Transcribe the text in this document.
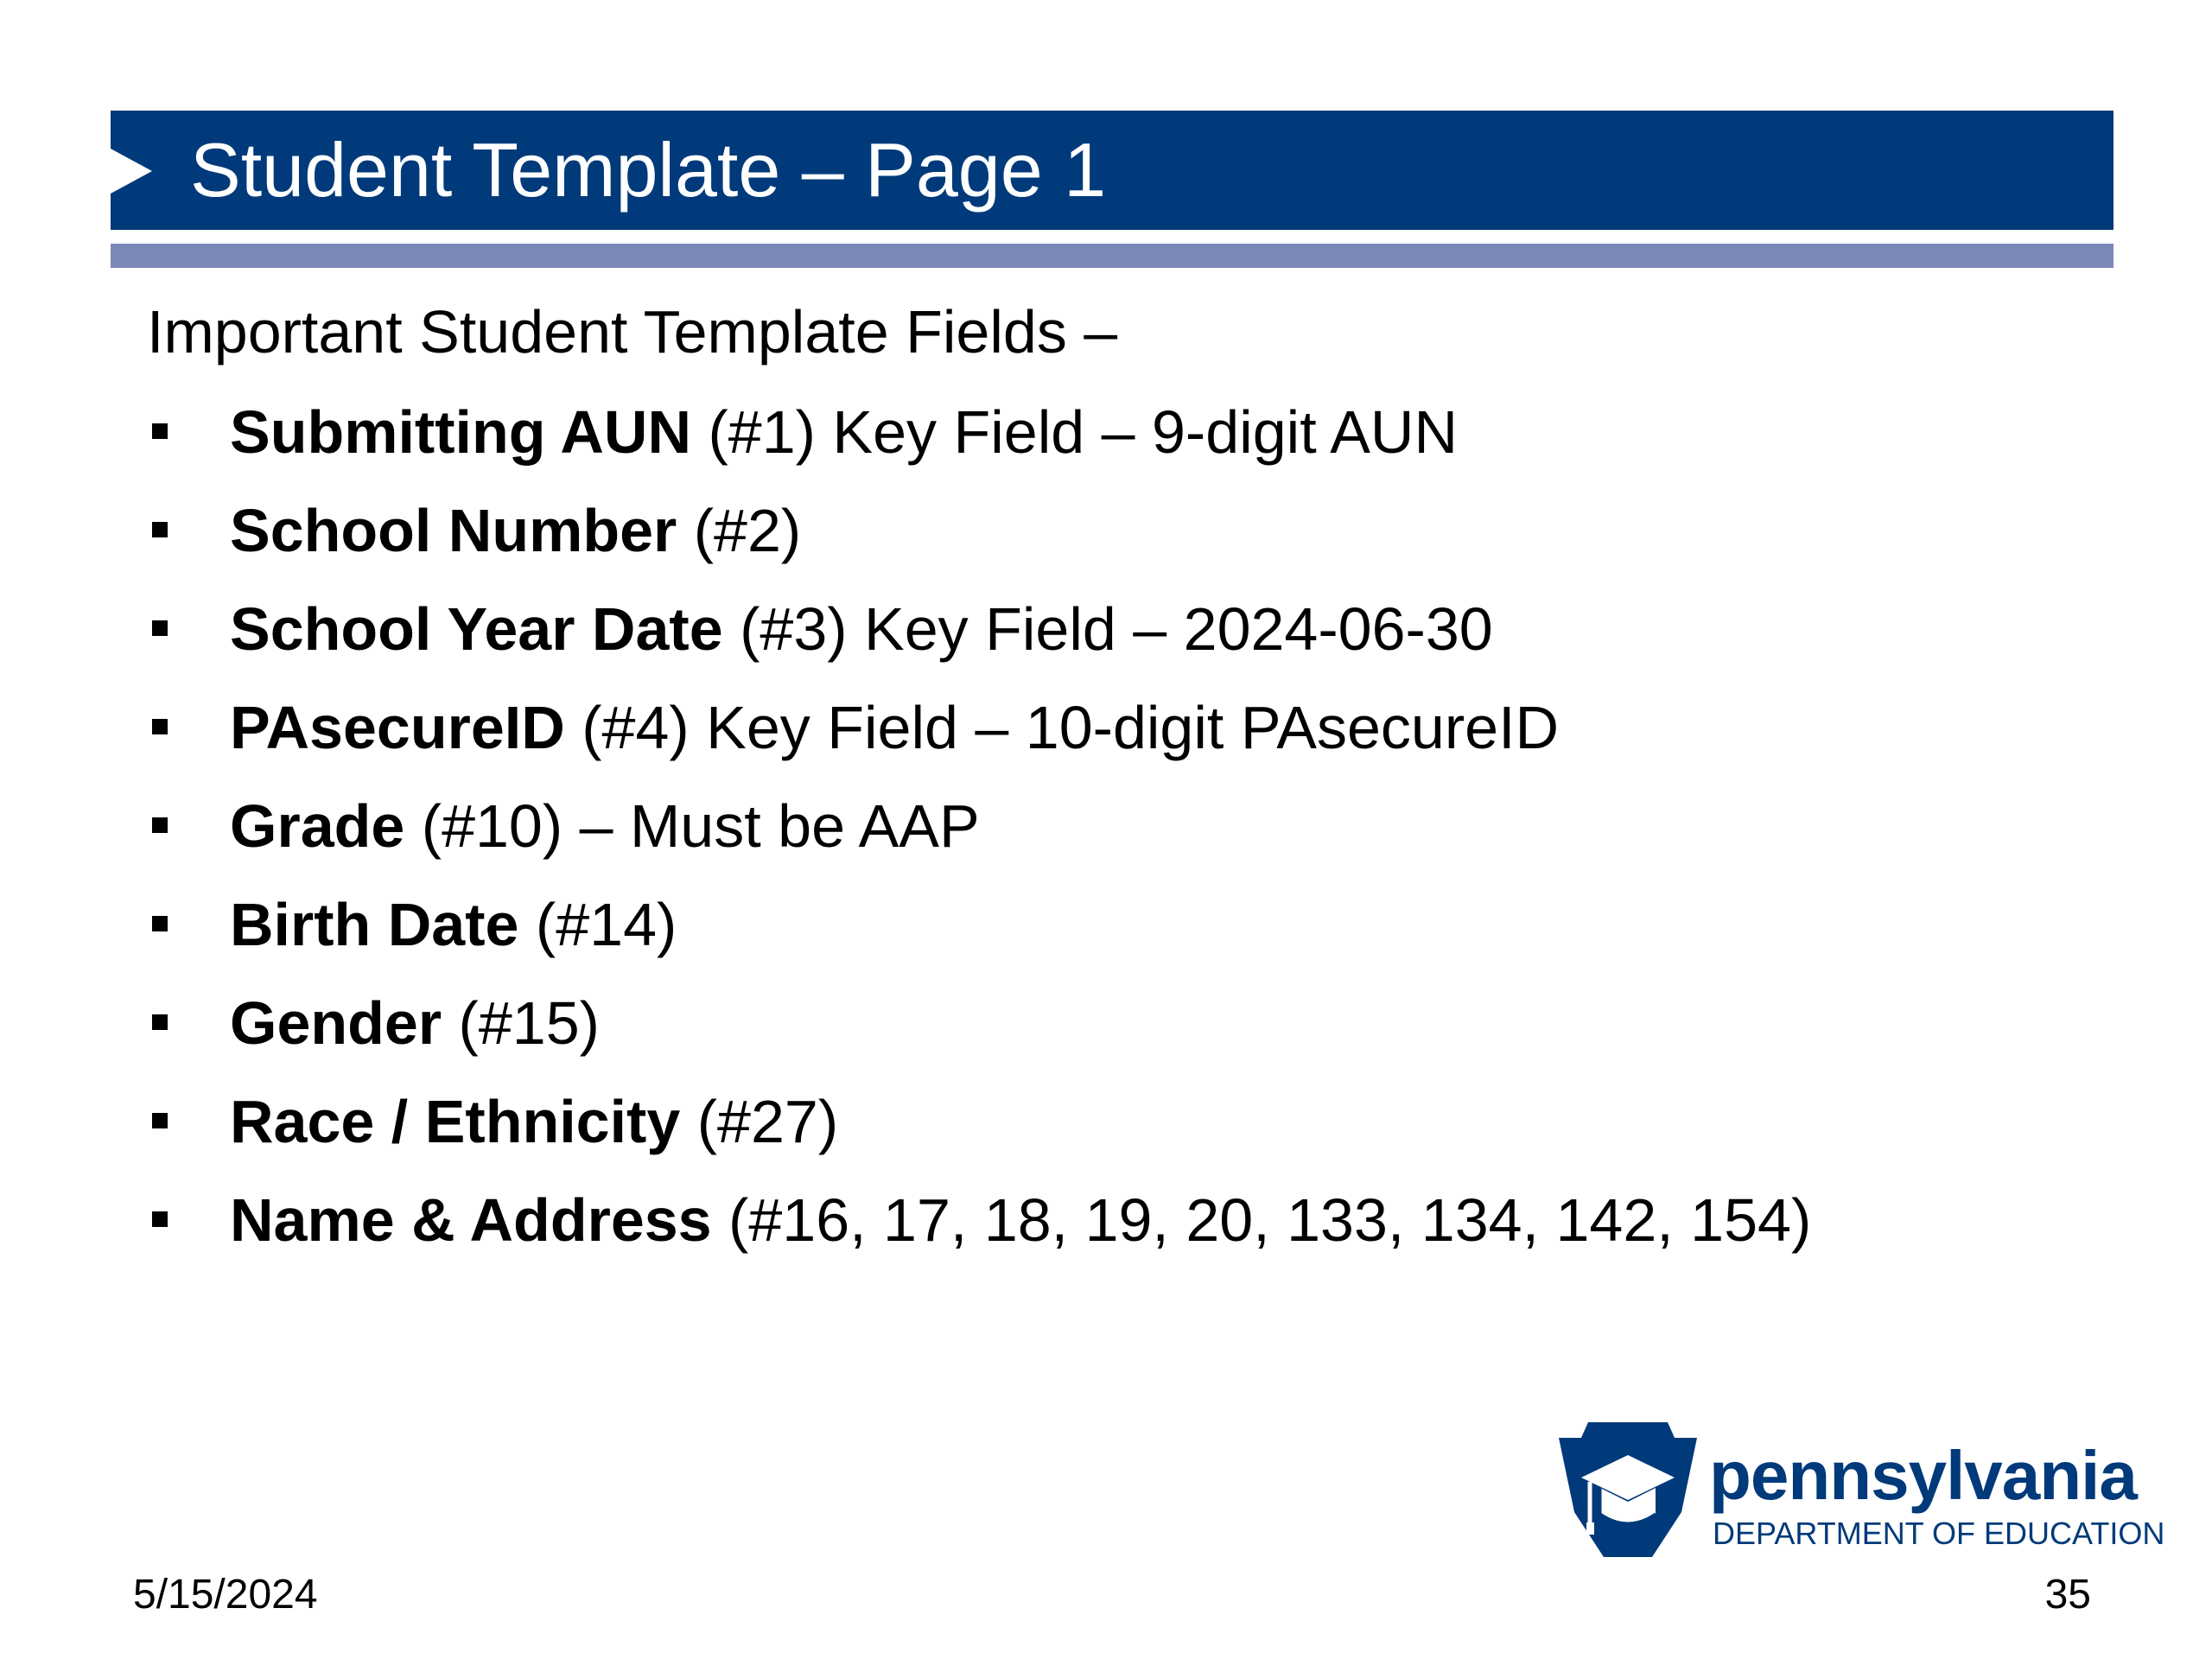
Student Template – Page 1
Important Student Template Fields –
Submitting AUN (#1) Key Field – 9-digit AUN
School Number (#2)
School Year Date (#3) Key Field – 2024-06-30
PAsecureID (#4) Key Field – 10-digit PAsecureID
Grade (#10) – Must be AAP
Birth Date (#14)
Gender (#15)
Race / Ethnicity (#27)
Name & Address (#16, 17, 18, 19, 20, 133, 134, 142, 154)
pennsylvania
DEPARTMENT OF EDUCATION
5/15/2024	35
